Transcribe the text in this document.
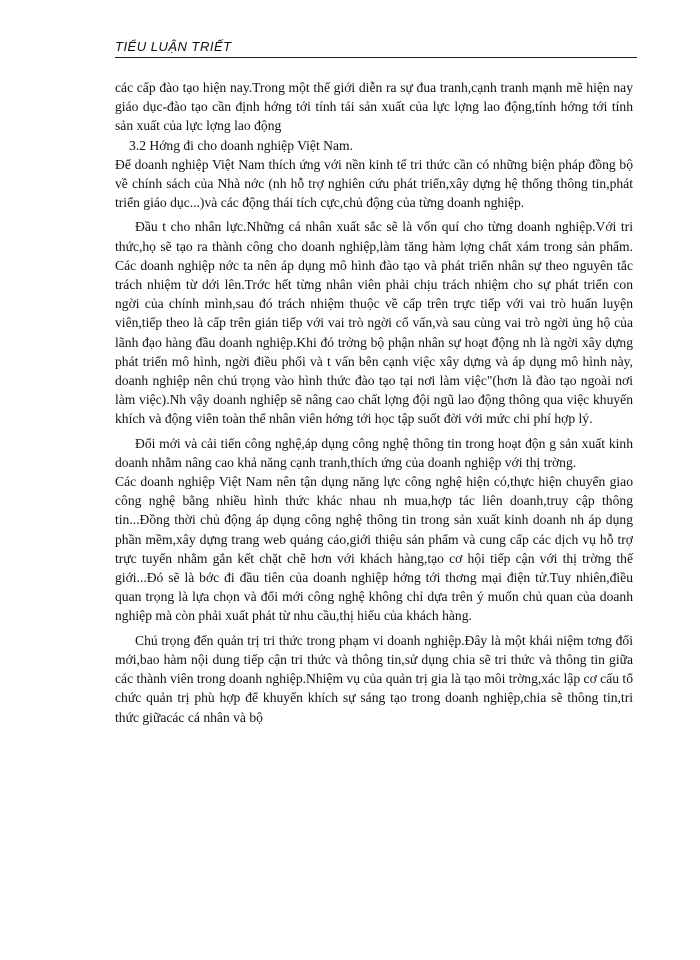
TIỂU LUẬN TRIẾT

các cấp đào tạo hiện nay.Trong một thế giới diễn ra sự đua tranh,cạnh tranh mạnh mẽ hiện nay giáo dục-đào tạo cần định hớng tới tính tái sản xuất của lực lợng lao động,tính hớng tới tính sản xuất của lực lợng lao động

3.2 Hớng đi cho doanh nghiệp Việt Nam.

Để doanh nghiệp Việt Nam thích ứng với nền kinh tế tri thức cần có những biện pháp đồng bộ về chính sách của Nhà nớc (nh hỗ trợ nghiên cứu phát triển,xây dựng hệ thống thông tin,phát triển giáo dục...)và các động thái tích cực,chủ động của từng doanh nghiệp.

Đầu t cho nhân lực.Những cá nhân xuất sắc sẽ là vốn quí cho từng doanh nghiệp.Với tri thức,họ sẽ tạo ra thành công cho doanh nghiệp,làm tăng hàm lợng chất xám trong sản phẩm. Các doanh nghiệp nớc ta nên áp dụng mô hình đào tạo và phát triển nhân sự theo nguyên tắc trách nhiệm từ dới lên.Trớc hết từng nhân viên phải chịu trách nhiệm cho sự phát triển con ngời của chính mình,sau đó trách nhiệm thuộc về cấp trên trực tiếp với vai trò huấn luyện viên,tiếp theo là cấp trên gián tiếp với vai trò ngời cố vấn,và sau cùng vai trò ngời ủng hộ của lãnh đạo hàng đầu doanh nghiệp.Khi đó trởng bộ phận nhân sự hoạt động nh là ngời xây dựng phát triển mô hình, ngời điều phối và t vấn bên cạnh việc xây dựng và áp dụng mô hình này, doanh nghiệp nên chú trọng vào hình thức đào tạo tại nơi làm việc"(hơn là đào tạo ngoài nơi làm việc).Nh vậy doanh nghiệp sẽ nâng cao chất lợng đội ngũ lao động thông qua việc khuyến khích và động viên toàn thể nhân viên hớng tới học tập suốt đời với mức chi phí hợp lý.

Đổi mới và cải tiến công nghệ,áp dụng công nghệ thông tin trong hoạt độn g sản xuất kinh doanh nhằm nâng cao khả năng cạnh tranh,thích ứng của doanh nghiệp với thị trờng.

Các doanh nghiệp Việt Nam nên tận dụng năng lực công nghệ hiện có,thực hiện chuyển giao công nghệ bằng nhiều hình thức khác nhau nh mua,hợp tác liên doanh,truy cập thông tin...Đồng thời chủ động áp dụng công nghệ thông tin trong sản xuất kinh doanh nh áp dụng phần mềm,xây dựng trang web quảng cáo,giới thiệu sản phẩm và cung cấp các dịch vụ hỗ trợ trực tuyến nhằm gắn kết chặt chẽ hơn với khách hàng,tạo cơ hội tiếp cận với thị trờng thế giới...Đó sẽ là bớc đi đầu tiên của doanh nghiệp hớng tới thơng mại điện tử.Tuy nhiên,điều quan trọng là lựa chọn và đổi mới công nghệ không chỉ dựa trên ý muốn chủ quan của doanh nghiệp mà còn phải xuất phát từ nhu cầu,thị hiếu của khách hàng.

Chú trọng đến quản trị tri thức trong phạm vi doanh nghiệp.Đây là một khái niệm tơng đối mới,bao hàm nội dung tiếp cận tri thức và thông tin,sử dụng chia sẽ tri thức và thông tin giữa các thành viên trong doanh nghiệp.Nhiệm vụ của quản trị gia là tạo môi trờng,xác lập cơ cấu tổ chức quản trị phù hợp để khuyến khích sự sáng tạo trong doanh nghiệp,chia sẽ thông tin,tri thức giữacác cá nhân và bộ
